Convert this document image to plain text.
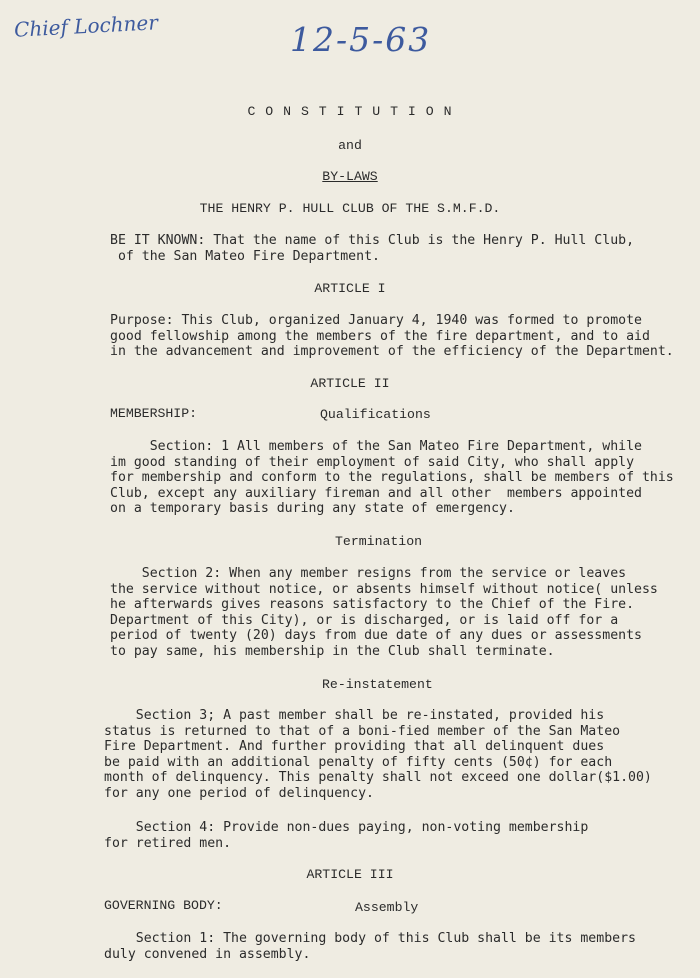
Chief Lochner	12-5-63
C O N S T I T U T I O N
and
BY-LAWS
THE HENRY P. HULL CLUB OF THE S.M.F.D.
BE IT KNOWN: That the name of this Club is the Henry P. Hull Club,
of the San Mateo Fire Department.
ARTICLE I
Purpose: This Club, organized January 4, 1940 was formed to promote
good fellowship among the members of the fire department, and to aid
in the advancement and improvement of the efficiency of the Department.
ARTICLE II
MEMBERSHIP:	Qualifications
Section: 1 All members of the San Mateo Fire Department, while
im good standing of their employment of said City, who shall apply
for membership and conform to the regulations, shall be members of this
Club, except any auxiliary fireman and all other  members appointed
on a temporary basis during any state of emergency.
Termination
Section 2: When any member resigns from the service or leaves
the service without notice, or absents himself without notice( unless
he afterwards gives reasons satisfactory to the Chief of the Fire.
Department of this City), or is discharged, or is laid off for a
period of twenty (20) days from due date of any dues or assessments
to pay same, his membership in the Club shall terminate.
Re-instatement
Section 3; A past member shall be re-instated, provided his
status is returned to that of a boni-fied member of the San Mateo
Fire Department. And further providing that all delinquent dues
be paid with an additional penalty of fifty cents (50¢) for each
month of delinquency. This penalty shall not exceed one dollar($1.00)
for any one period of delinquency.
Section 4: Provide non-dues paying, non-voting membership
for retired men.
ARTICLE III
GOVERNING BODY:	Assembly
Section 1: The governing body of this Club shall be its members
duly convened in assembly.
